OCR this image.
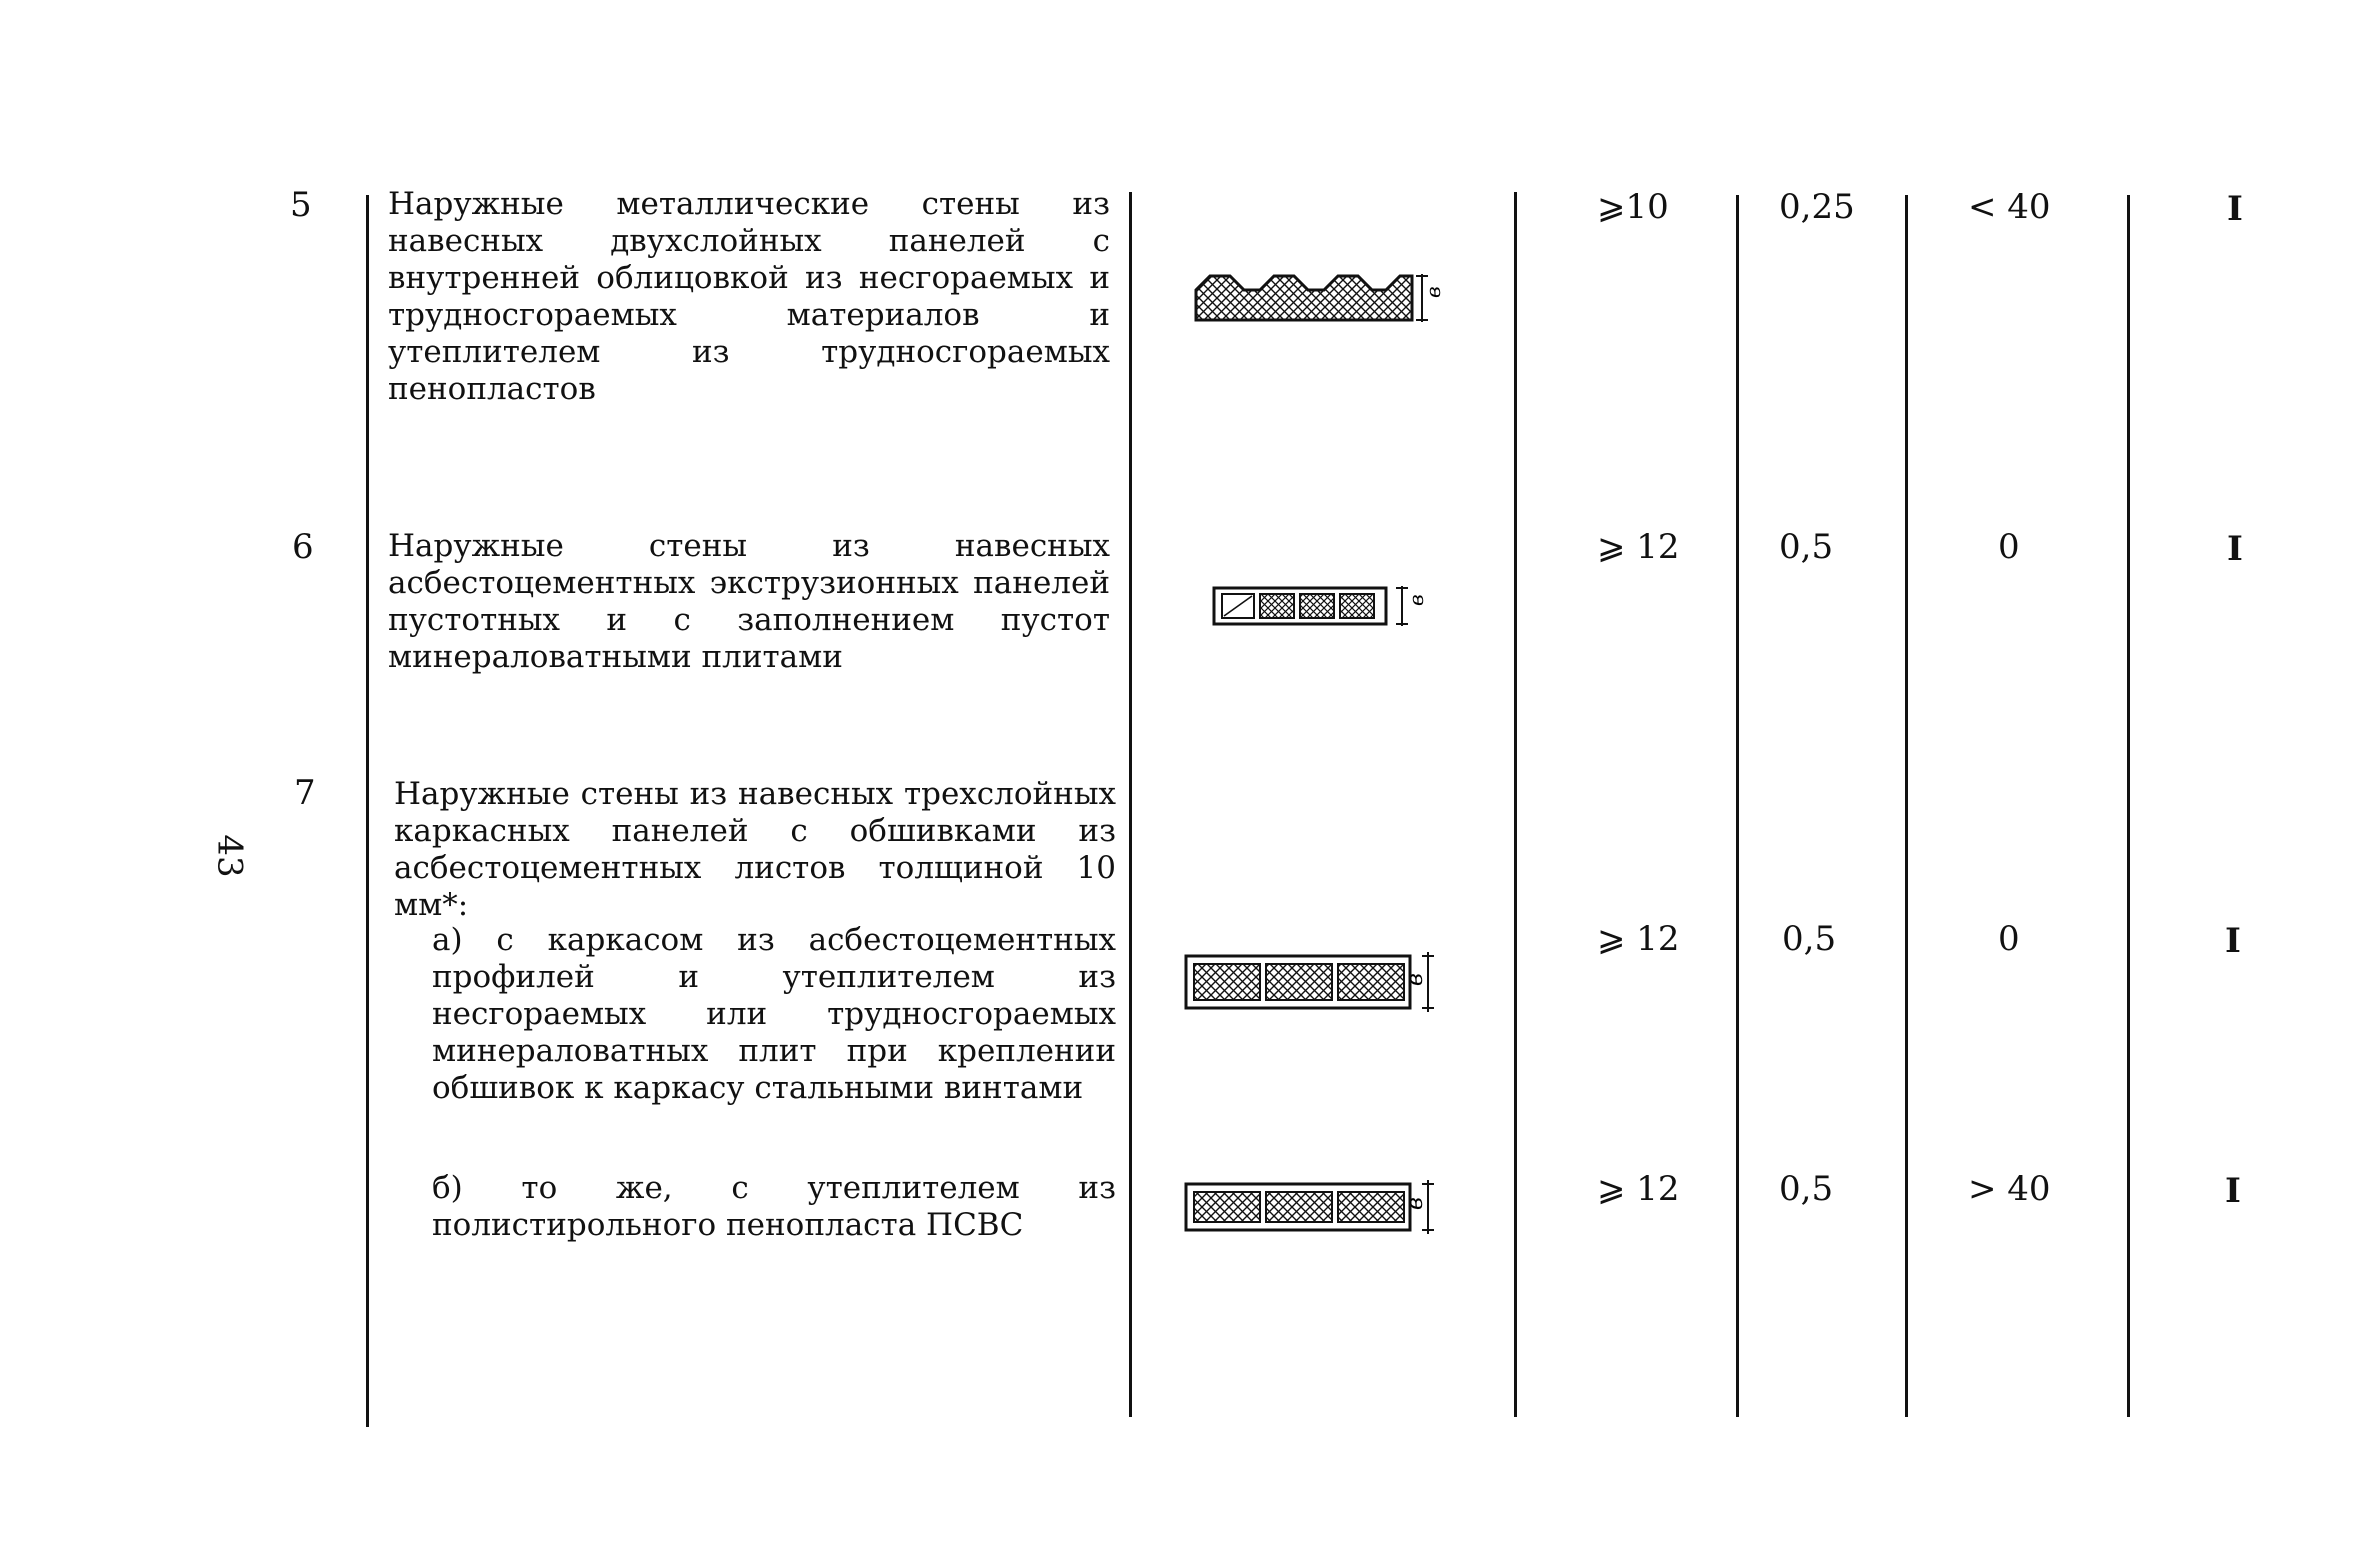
43
5 Наружные металлические стены из навесных двухслойных панелей с внутренней облицовкой из несгораемых и трудносгораемых материалов и утеплителем из трудносгораемых пенопластов
⩾10	0,25	< 40	I
в
6 Наружные стены из навесных асбестоцементных экструзионных панелей пустотных и с заполнением пустот минераловатными плитами
⩾ 12	0,5	0	I
в
7	Наружные стены из навесных трехслойных каркасных панелей с обшивками из асбестоцементных листов толщиной 10 мм*:
а) с каркасом из асбестоцементных профилей и утеплителем из несгораемых или трудносгораемых минераловатных плит при креплении обшивок к каркасу стальными винтами
⩾ 12	0,5	0	I
в
б) то же, с утеплителем из полистирольного пенопласта ПСВС
⩾ 12	0,5	> 40	I
в
